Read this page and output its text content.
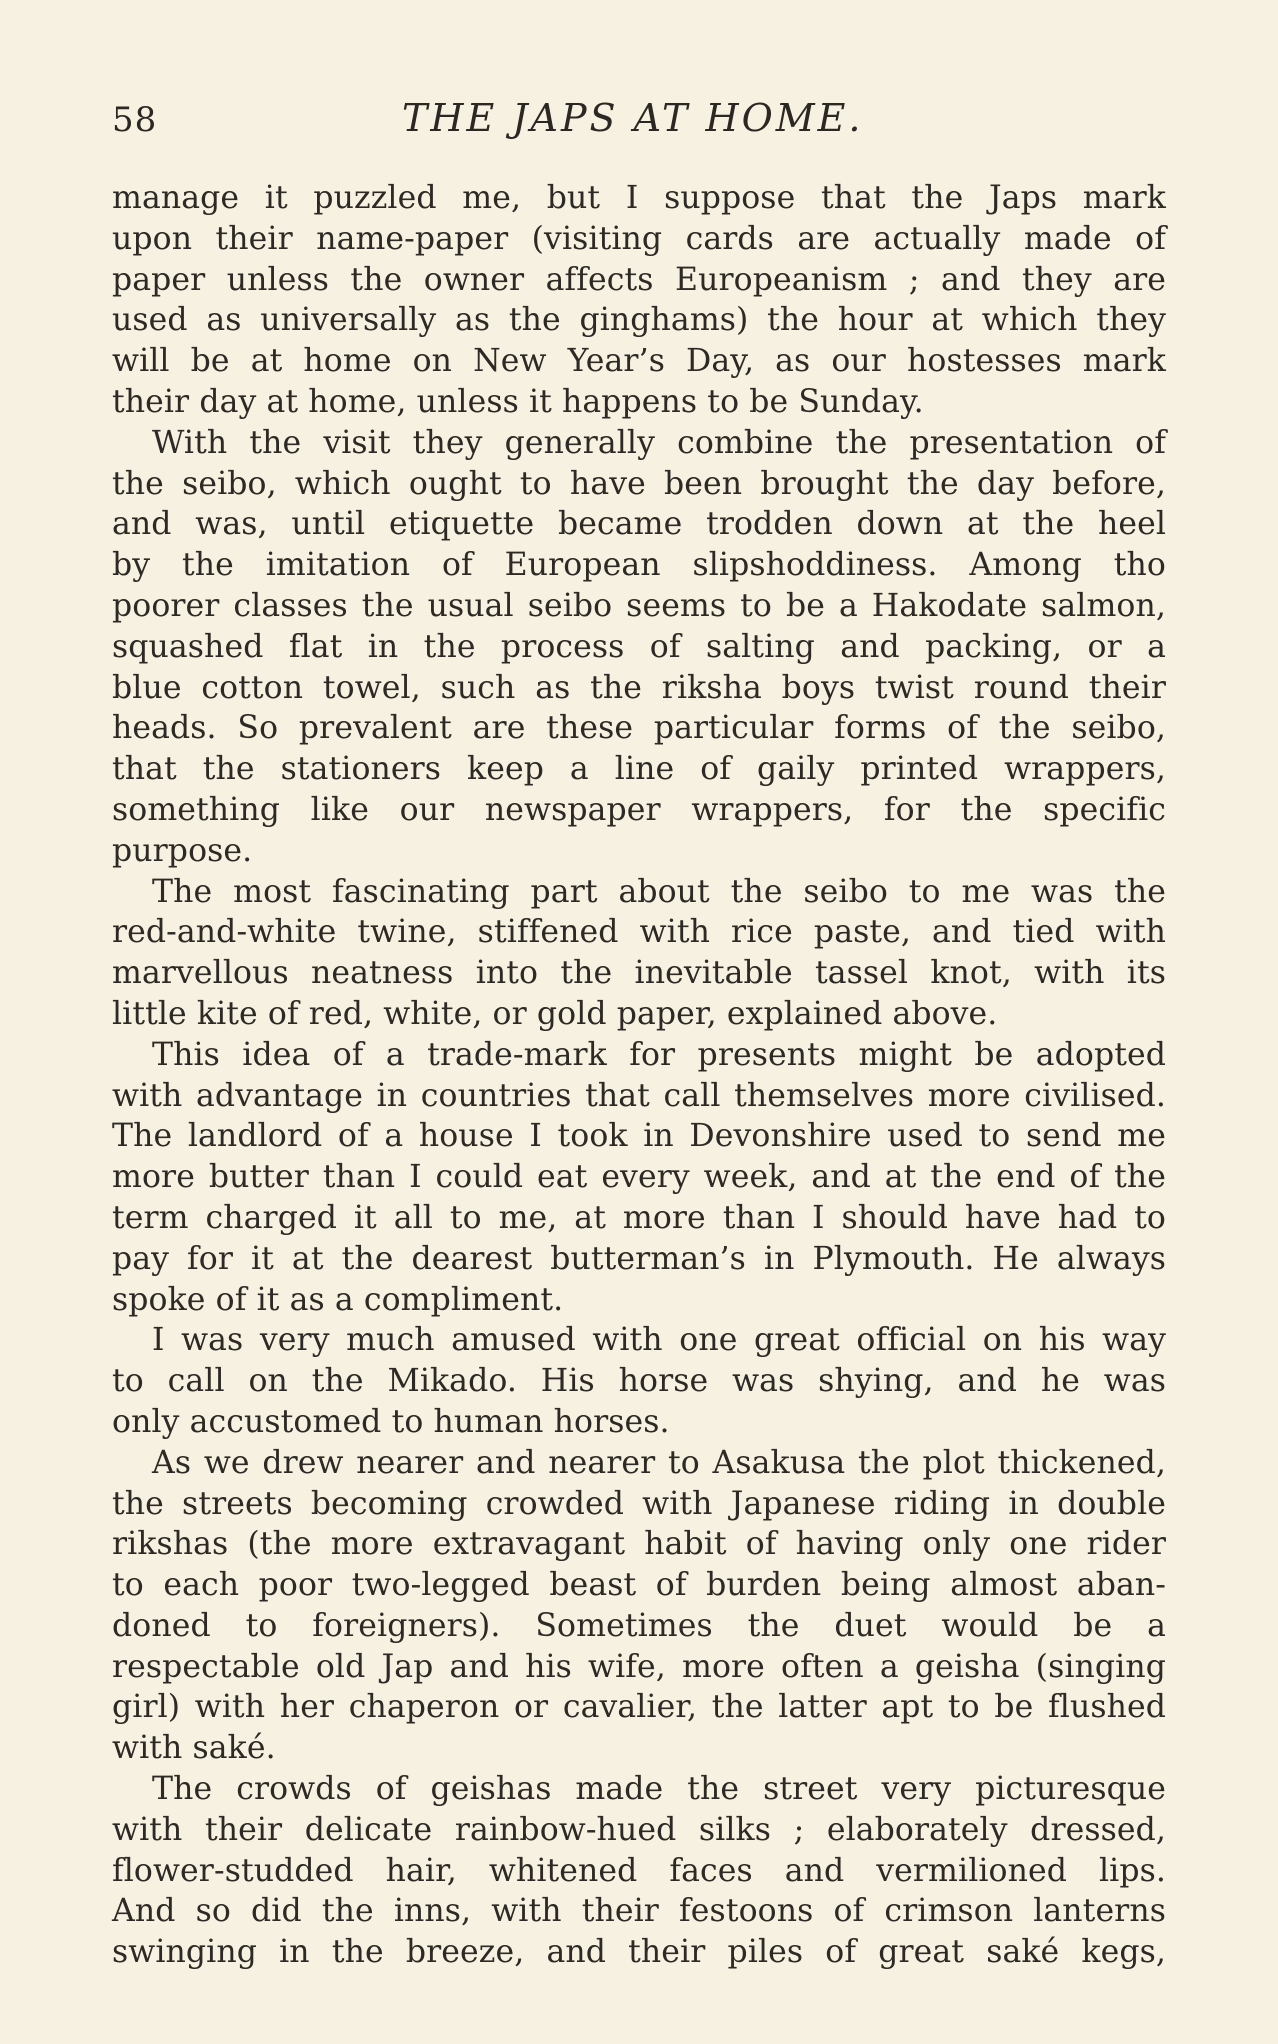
58	THE JAPS AT HOME.
manage it puzzled me, but I suppose that the Japs mark
upon their name-paper (visiting cards are actually made of
paper unless the owner affects Europeanism ; and they are
used as universally as the ginghams) the hour at which they
will be at home on New Year’s Day, as our hostesses mark
their day at home, unless it happens to be Sunday.
With the visit they generally combine the presentation of
the seibo, which ought to have been brought the day before,
and was, until etiquette became trodden down at the heel
by the imitation of European slipshoddiness. Among tho
poorer classes the usual seibo seems to be a Hakodate salmon,
squashed flat in the process of salting and packing, or a
blue cotton towel, such as the riksha boys twist round their
heads. So prevalent are these particular forms of the seibo,
that the stationers keep a line of gaily printed wrappers,
something like our newspaper wrappers, for the specific
purpose.
The most fascinating part about the seibo to me was the
red-and-white twine, stiffened with rice paste, and tied with
marvellous neatness into the inevitable tassel knot, with its
little kite of red, white, or gold paper, explained above.
This idea of a trade-mark for presents might be adopted
with advantage in countries that call themselves more civilised.
The landlord of a house I took in Devonshire used to send me
more butter than I could eat every week, and at the end of the
term charged it all to me, at more than I should have had to
pay for it at the dearest butterman’s in Plymouth. He always
spoke of it as a compliment.
I was very much amused with one great official on his way
to call on the Mikado. His horse was shying, and he was
only accustomed to human horses.
As we drew nearer and nearer to Asakusa the plot thickened,
the streets becoming crowded with Japanese riding in double
rikshas (the more extravagant habit of having only one rider
to each poor two-legged beast of burden being almost aban-
doned to foreigners). Sometimes the duet would be a
respectable old Jap and his wife, more often a geisha (singing
girl) with her chaperon or cavalier, the latter apt to be flushed
with saké.
The crowds of geishas made the street very picturesque
with their delicate rainbow-hued silks ; elaborately dressed,
flower-studded hair, whitened faces and vermilioned lips.
And so did the inns, with their festoons of crimson lanterns
swinging in the breeze, and their piles of great saké kegs,
